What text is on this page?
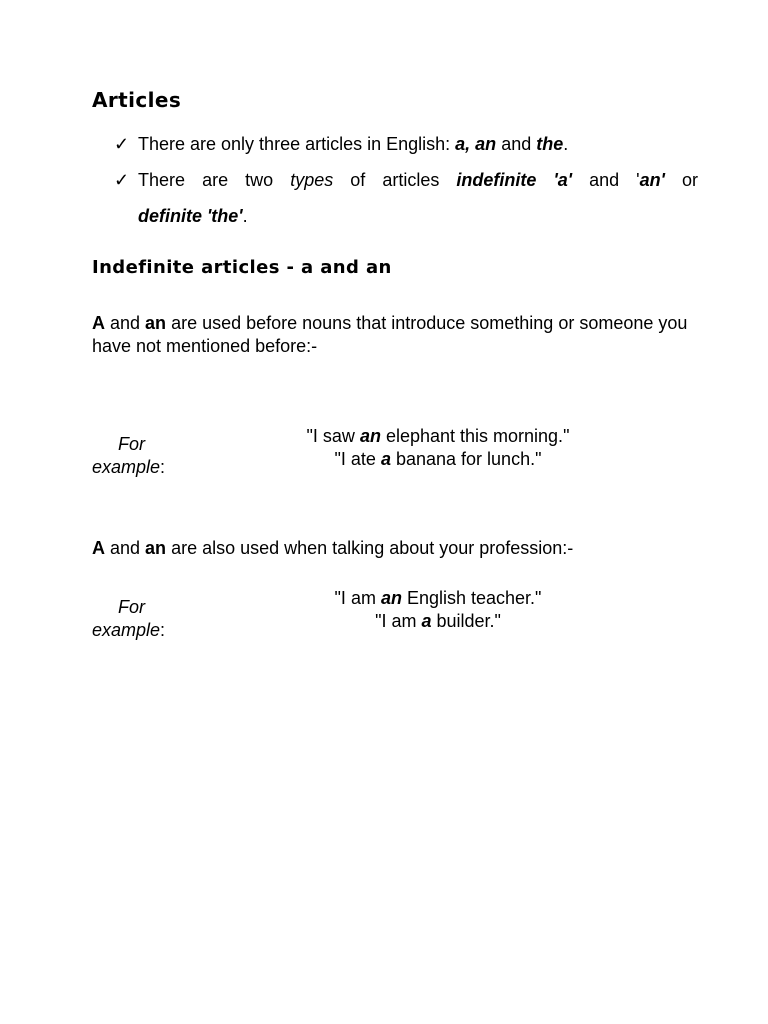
Articles
✓ There are only three articles in English: a, an and the.
✓ There are two types of articles indefinite 'a' and 'an' or
definite 'the'.
Indefinite articles - a and an

A and an are used before nouns that introduce something or someone you have not mentioned before:-

For
example:
"I saw an elephant this morning."
"I ate a banana for lunch."

A and an are also used when talking about your profession:-

For
example:
"I am an English teacher."
"I am a builder."
